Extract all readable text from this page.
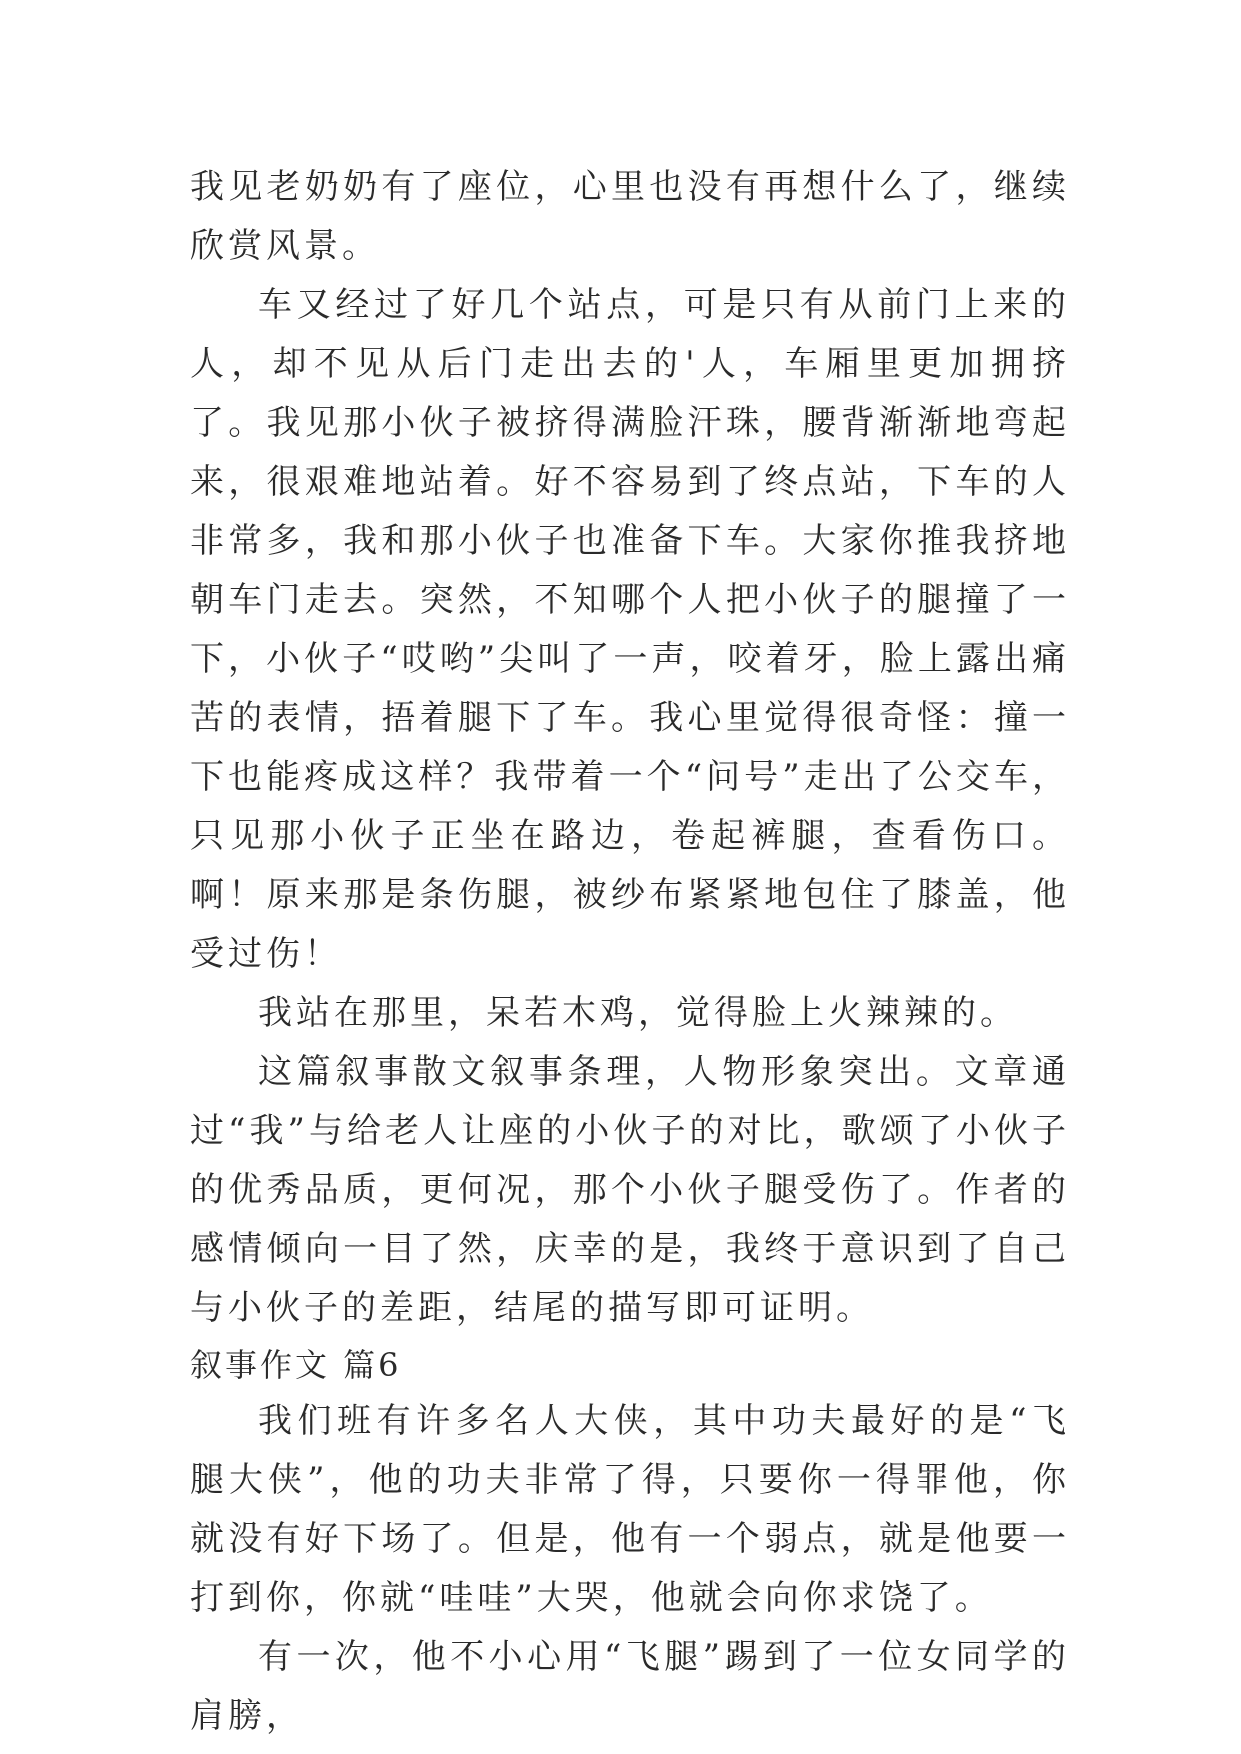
我见老奶奶有了座位，心里也没有再想什么了，继续欣赏风景。

车又经过了好几个站点，可是只有从前门上来的人，却不见从后门走出去的'人，车厢里更加拥挤了。我见那小伙子被挤得满脸汗珠，腰背渐渐地弯起来，很艰难地站着。好不容易到了终点站，下车的人非常多，我和那小伙子也准备下车。大家你推我挤地朝车门走去。突然，不知哪个人把小伙子的腿撞了一下，小伙子“哎哟”尖叫了一声，咬着牙，脸上露出痛苦的表情，捂着腿下了车。我心里觉得很奇怪：撞一下也能疼成这样？我带着一个“问号”走出了公交车，只见那小伙子正坐在路边，卷起裤腿，查看伤口。啊！原来那是条伤腿，被纱布紧紧地包住了膝盖，他受过伤！

我站在那里，呆若木鸡，觉得脸上火辣辣的。

这篇叙事散文叙事条理，人物形象突出。文章通过“我”与给老人让座的小伙子的对比，歌颂了小伙子的优秀品质，更何况，那个小伙子腿受伤了。作者的感情倾向一目了然，庆幸的是，我终于意识到了自己与小伙子的差距，结尾的描写即可证明。

叙事作文 篇6

我们班有许多名人大侠，其中功夫最好的是“飞腿大侠”，他的功夫非常了得，只要你一得罪他，你就没有好下场了。但是，他有一个弱点，就是他要一打到你，你就“哇哇”大哭，他就会向你求饶了。

有一次，他不小心用“飞腿”踢到了一位女同学的肩膀，
